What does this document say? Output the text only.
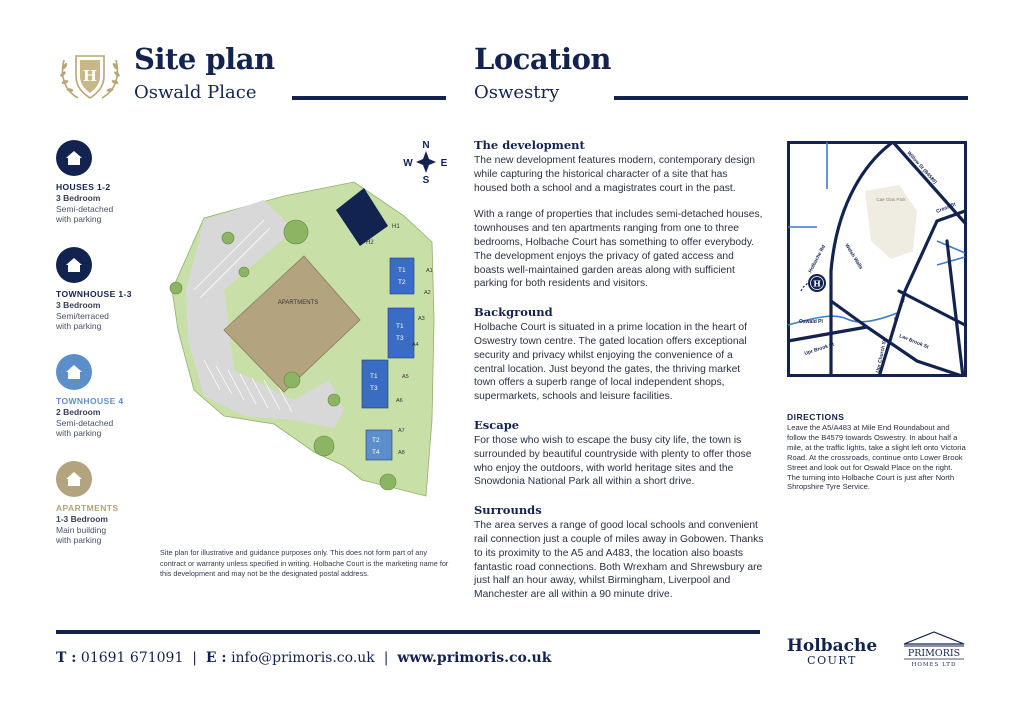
H Site plan
Oswald Place
Location
Oswestry
HOUSES 1-2
3 Bedroom
Semi-detached
with parking
TOWNHOUSE 1-3
3 Bedroom
Semi/terraced
with parking
TOWNHOUSE 4
2 Bedroom
Semi-detached
with parking
APARTMENTS
1-3 Bedroom
Main building
with parking
N
S
W	E
APARTMENTS
H1
H2
T1
T2
T1
T3
T1
T3
T2
T4
A1
A2
A3
A4
A5
A6
A7
A8
Site plan for illustrative and guidance purposes only. This does not form part of any contract or warranty unless specified in writing. Holbache Court is the marketing name for this development and may not be the designated postal address.
The development
The new development features modern, contemporary design while capturing the historical character of a site that has housed both a school and a magistrates court in the past.
With a range of properties that includes semi-detached houses, townhouses and ten apartments ranging from one to three bedrooms, Holbache Court has something to offer everybody. The development enjoys the privacy of gated access and boasts well-maintained garden areas along with sufficient parking for both residents and visitors.
Background
Holbache Court is situated in a prime location in the heart of Oswestry town centre. The gated location offers exceptional security and privacy whilst enjoying the convenience of a central location. Just beyond the gates, the thriving market town offers a superb range of local independent shops, supermarkets, schools and leisure facilities.
Escape
For those who wish to escape the busy city life, the town is surrounded by beautiful countryside with plenty to offer those who enjoy the outdoors, with world heritage sites and the Snowdonia National Park all within a short drive.
Surrounds
The area serves a range of good local schools and convenient rail connection just a couple of miles away in Gobowen. Thanks to its proximity to the A5 and A483, the location also boasts fantastic road connections. Both Wrexham and Shrewsbury are just half an hour away, whilst Birmingham, Liverpool and Manchester are all within a 90 minute drive.
Cae Glas Park
H
Willow St (B4580)
Cross St
Welsh Walls
Holbache Rd
Oswald Pl
Upr Brook St
Church St
Lwr Brook St
Upr Church St
DIRECTIONS
Leave the A5/A483 at Mile End Roundabout and follow the B4579 towards Oswestry. In about half a mile, at the traffic lights, take a slight left onto Victoria Road. At the crossroads, continue onto Lower Brook Street and look out for Oswald Place on the right. The turning into Holbache Court is just after North Shropshire Tyre Service.
T : 01691 671091 | E : info@primoris.co.uk | www.primoris.co.uk
Holbache
COURT
PRIMORIS
HOMES LTD
